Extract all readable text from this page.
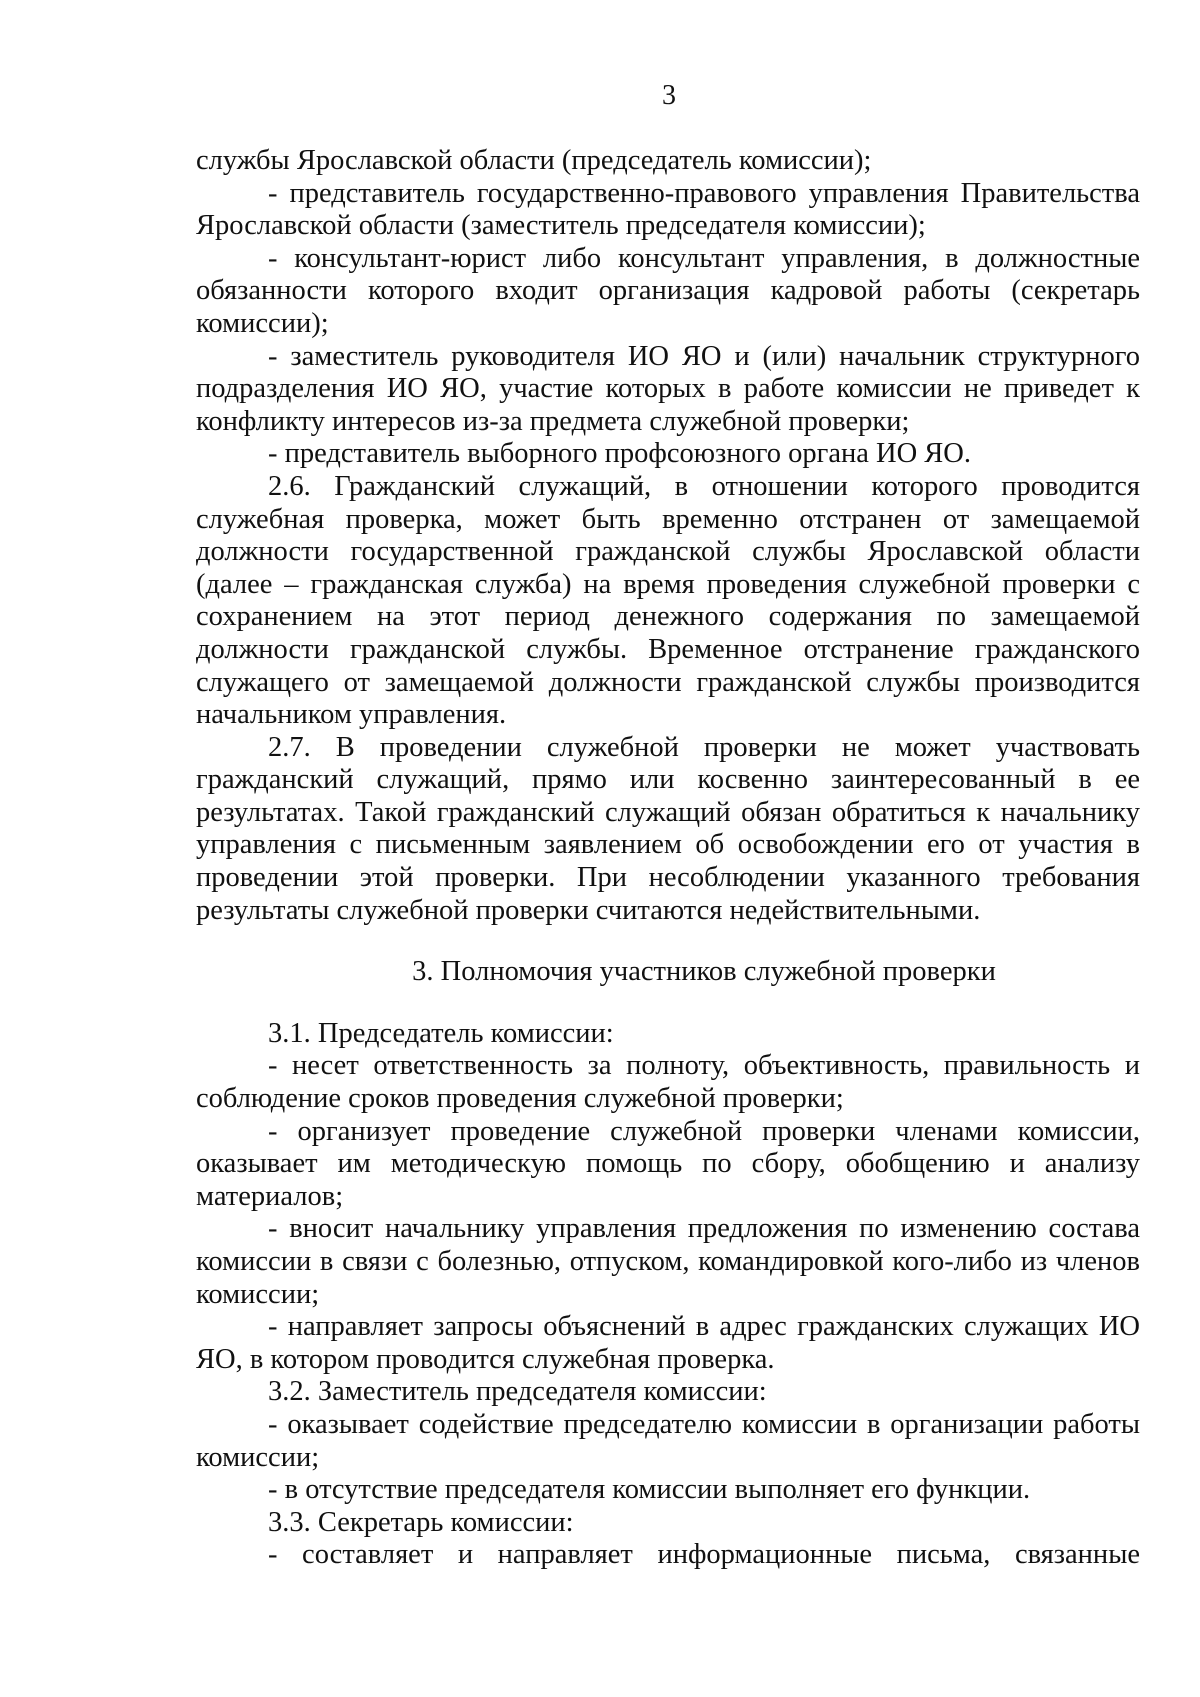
3

службы Ярославской области (председатель комиссии);

- представитель государственно-правового управления Правительства Ярославской области (заместитель председателя комиссии);

- консультант-юрист либо консультант управления, в должностные обязанности которого входит организация кадровой работы (секретарь комиссии);

- заместитель руководителя ИО ЯО и (или) начальник структурного подразделения ИО ЯО, участие которых в работе комиссии не приведет к конфликту интересов из-за предмета служебной проверки;

- представитель выборного профсоюзного органа ИО ЯО.

2.6. Гражданский служащий, в отношении которого проводится служебная проверка, может быть временно отстранен от замещаемой должности государственной гражданской службы Ярославской области (далее – гражданская служба) на время проведения служебной проверки с сохранением на этот период денежного содержания по замещаемой должности гражданской службы. Временное отстранение гражданского служащего от замещаемой должности гражданской службы производится начальником управления.

2.7. В проведении служебной проверки не может участвовать гражданский служащий, прямо или косвенно заинтересованный в ее результатах. Такой гражданский служащий обязан обратиться к начальнику управления с письменным заявлением об освобождении его от участия в проведении этой проверки. При несоблюдении указанного требования результаты служебной проверки считаются недействительными.

3. Полномочия участников служебной проверки

3.1. Председатель комиссии:

- несет ответственность за полноту, объективность, правильность и соблюдение сроков проведения служебной проверки;

- организует проведение служебной проверки членами комиссии, оказывает им методическую помощь по сбору, обобщению и анализу материалов;

- вносит начальнику управления предложения по изменению состава комиссии в связи с болезнью, отпуском, командировкой кого-либо из членов комиссии;

- направляет запросы объяснений в адрес гражданских служащих ИО ЯО, в котором проводится служебная проверка.

3.2. Заместитель председателя комиссии:

- оказывает содействие председателю комиссии в организации работы комиссии;

- в отсутствие председателя комиссии выполняет его функции.

3.3. Секретарь комиссии:

- составляет и направляет информационные письма, связанные
